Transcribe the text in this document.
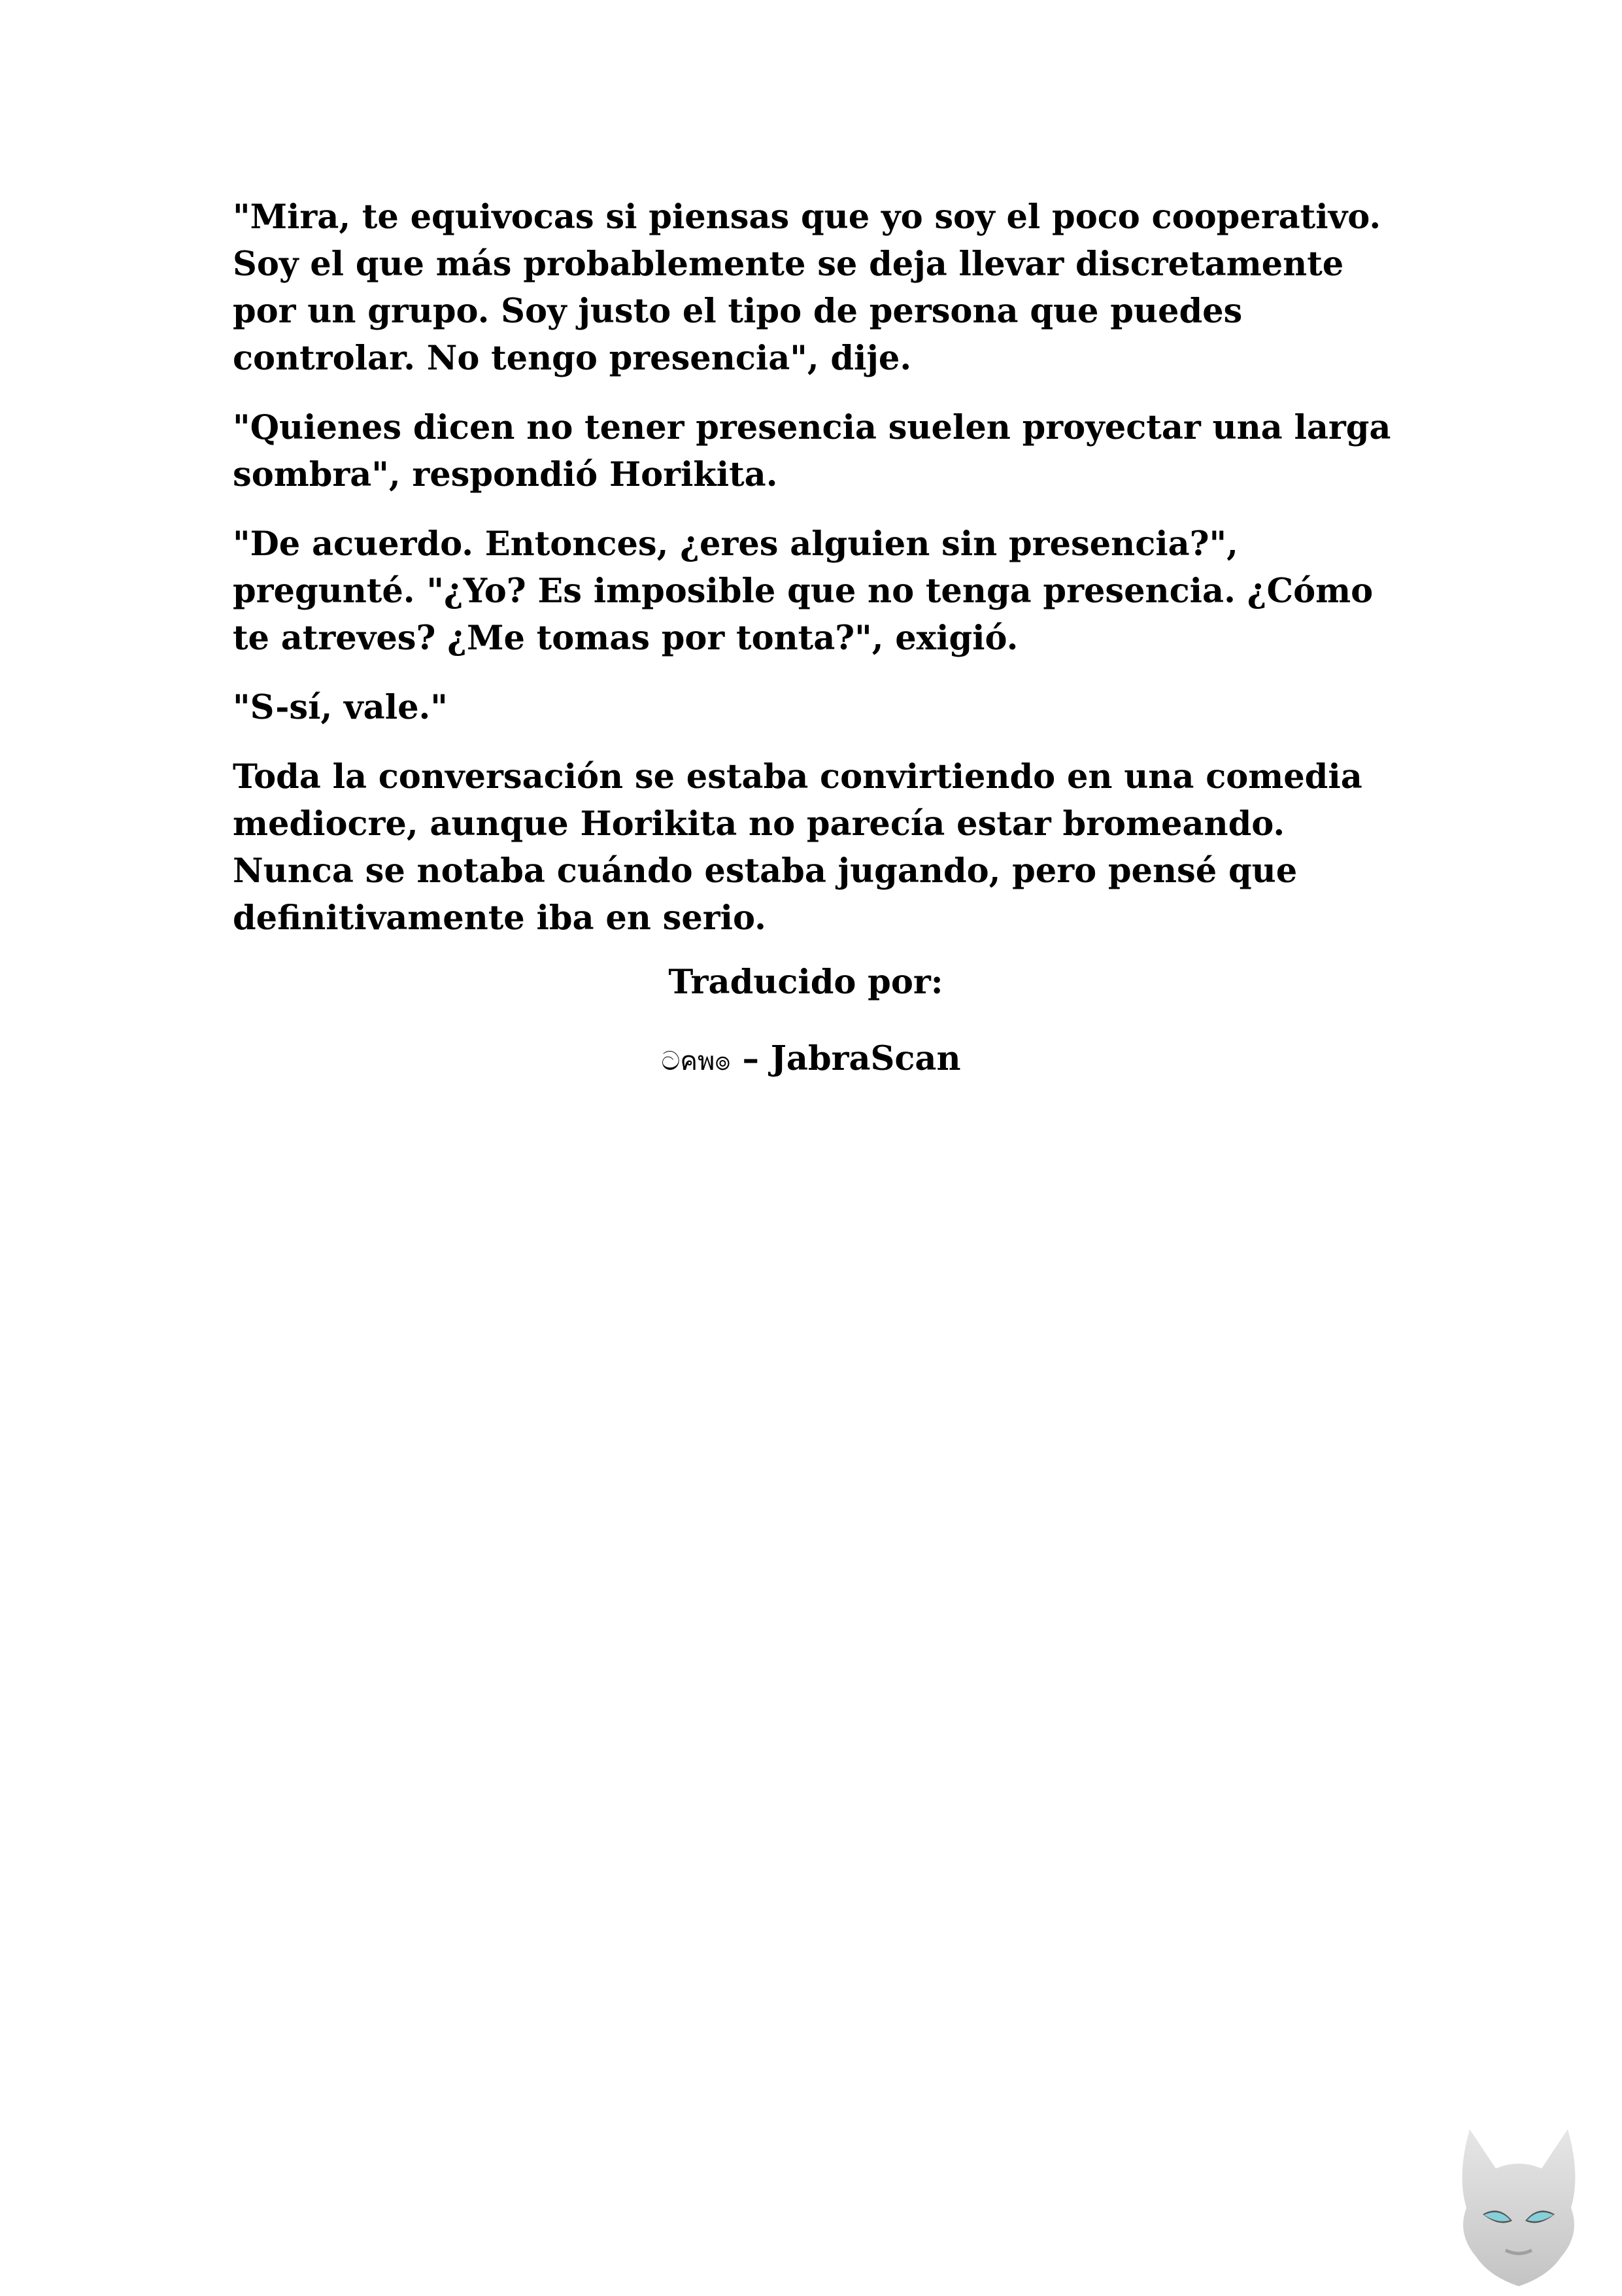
"Mira, te equivocas si piensas que yo soy el poco cooperativo. Soy el que más probablemente se deja llevar discretamente por un grupo. Soy justo el tipo de persona que puedes controlar. No tengo presencia", dije.

"Quienes dicen no tener presencia suelen proyectar una larga sombra", respondió Horikita.

"De acuerdo. Entonces, ¿eres alguien sin presencia?", pregunté. "¿Yo? Es imposible que no tenga presencia. ¿Cómo te atreves? ¿Me tomas por tonta?", exigió.

"S-sí, vale."

Toda la conversación se estaba convirtiendo en una comedia mediocre, aunque Horikita no parecía estar bromeando. Nunca se notaba cuándo estaba jugando, pero pensé que definitivamente iba en serio.

Traducido por:
ටคพ๏ – JabraScan
